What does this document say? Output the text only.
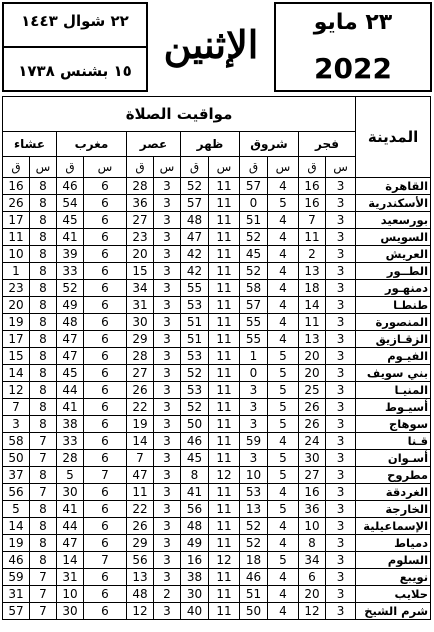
٢٢ شوال ١٤٤٣
١٥ بشنس ١٧٣٨
الإثنين	٢٣ مايو
2022
مواقيت الصلاة												المدينة
عشاء		مغرب		عصر		ظهر		شروق		فجر		
ق	س	ق	س	ق	س	ق	س	ق	س	ق	س	
16	8	46	6	28	3	52	11	57	4	16	3	القاهرة
26	8	54	6	36	3	57	11	0	5	16	3	الأسكندرية
17	8	45	6	27	3	48	11	51	4	7	3	بورسعيد
11	8	41	6	23	3	47	11	52	4	11	3	السويس
10	8	39	6	20	3	42	11	45	4	2	3	العريش
1	8	33	6	15	3	42	11	52	4	13	3	الطــور
23	8	52	6	34	3	55	11	58	4	18	3	دمنهـور
20	8	49	6	31	3	53	11	57	4	14	3	طنطـا
19	8	48	6	30	3	51	11	55	4	11	3	المنصورة
17	8	47	6	29	3	51	11	55	4	13	3	الزقـازيق
15	8	47	6	28	3	53	11	1	5	20	3	الفيـوم
14	8	45	6	27	3	52	11	0	5	20	3	بني سويف
12	8	44	6	26	3	53	11	3	5	25	3	المنيـا
7	8	41	6	22	3	52	11	3	5	26	3	أسيـوط
3	8	38	6	19	3	50	11	3	5	26	3	سوهاج
58	7	33	6	14	3	46	11	59	4	24	3	قـنا
50	7	28	6	7	3	45	11	3	5	30	3	أسـوان
37	8	5	7	47	3	8	12	10	5	27	3	مطروح
56	7	30	6	11	3	41	11	53	4	16	3	الغردقة
5	8	41	6	22	3	56	11	13	5	36	3	الخارجة
14	8	44	6	26	3	48	11	52	4	10	3	الإسماعيلية
19	8	47	6	29	3	49	11	52	4	8	3	دمياط
46	8	14	7	56	3	16	12	18	5	34	3	السلوم
59	7	31	6	13	3	38	11	46	4	6	3	نويبع
31	7	10	6	48	2	30	11	51	4	20	3	حلايب
57	7	30	6	12	3	40	11	50	4	12	3	شرم الشيخ
